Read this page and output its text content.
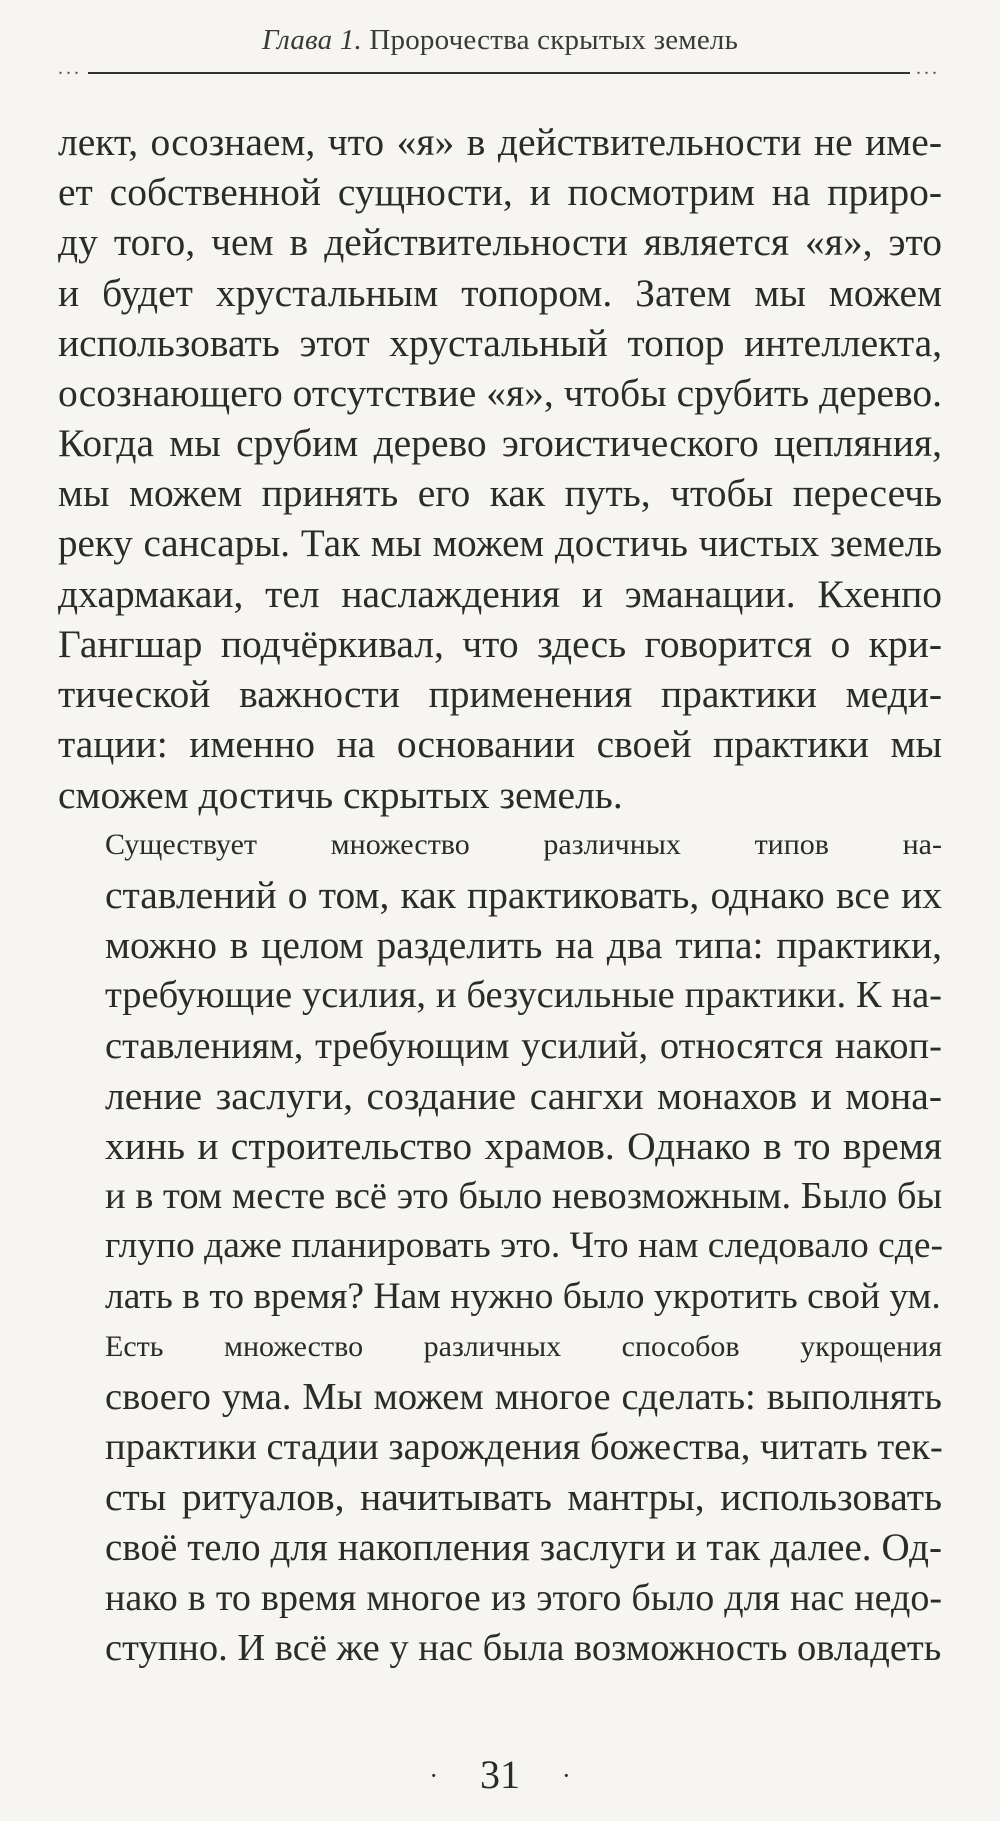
Глава 1. Пророчества скрытых земель
...	...

лект, осознаем, что «я» в действительности не име-
ет собственной сущности, и посмотрим на приро-
ду того, чем в действительности является «я», это
и будет хрустальным топором. Затем мы можем
использовать этот хрустальный топор интеллекта,
осознающего отсутствие «я», чтобы срубить дерево.
Когда мы срубим дерево эгоистического цепляния,
мы можем принять его как путь, чтобы пересечь
реку сансары. Так мы можем достичь чистых земель
дхармакаи, тел наслаждения и эманации. Кхенпо
Гангшар подчёркивал, что здесь говорится о кри-
тической важности применения практики меди-
тации: именно на основании своей практики мы
сможем достичь скрытых земель.

Существует множество различных типов на-
ставлений о том, как практиковать, однако все их
можно в целом разделить на два типа: практики,
требующие усилия, и безусильные практики. К на-
ставлениям, требующим усилий, относятся накоп-
ление заслуги, создание сангхи монахов и мона-
хинь и строительство храмов. Однако в то время
и в том месте всё это было невозможным. Было бы
глупо даже планировать это. Что нам следовало сде-
лать в то время? Нам нужно было укротить свой ум.

Есть множество различных способов укрощения
своего ума. Мы можем многое сделать: выполнять
практики стадии зарождения божества, читать тек-
сты ритуалов, начитывать мантры, использовать
своё тело для накопления заслуги и так далее. Од-
нако в то время многое из этого было для нас недо-
ступно. И всё же у нас была возможность овладеть

· 31 ·
